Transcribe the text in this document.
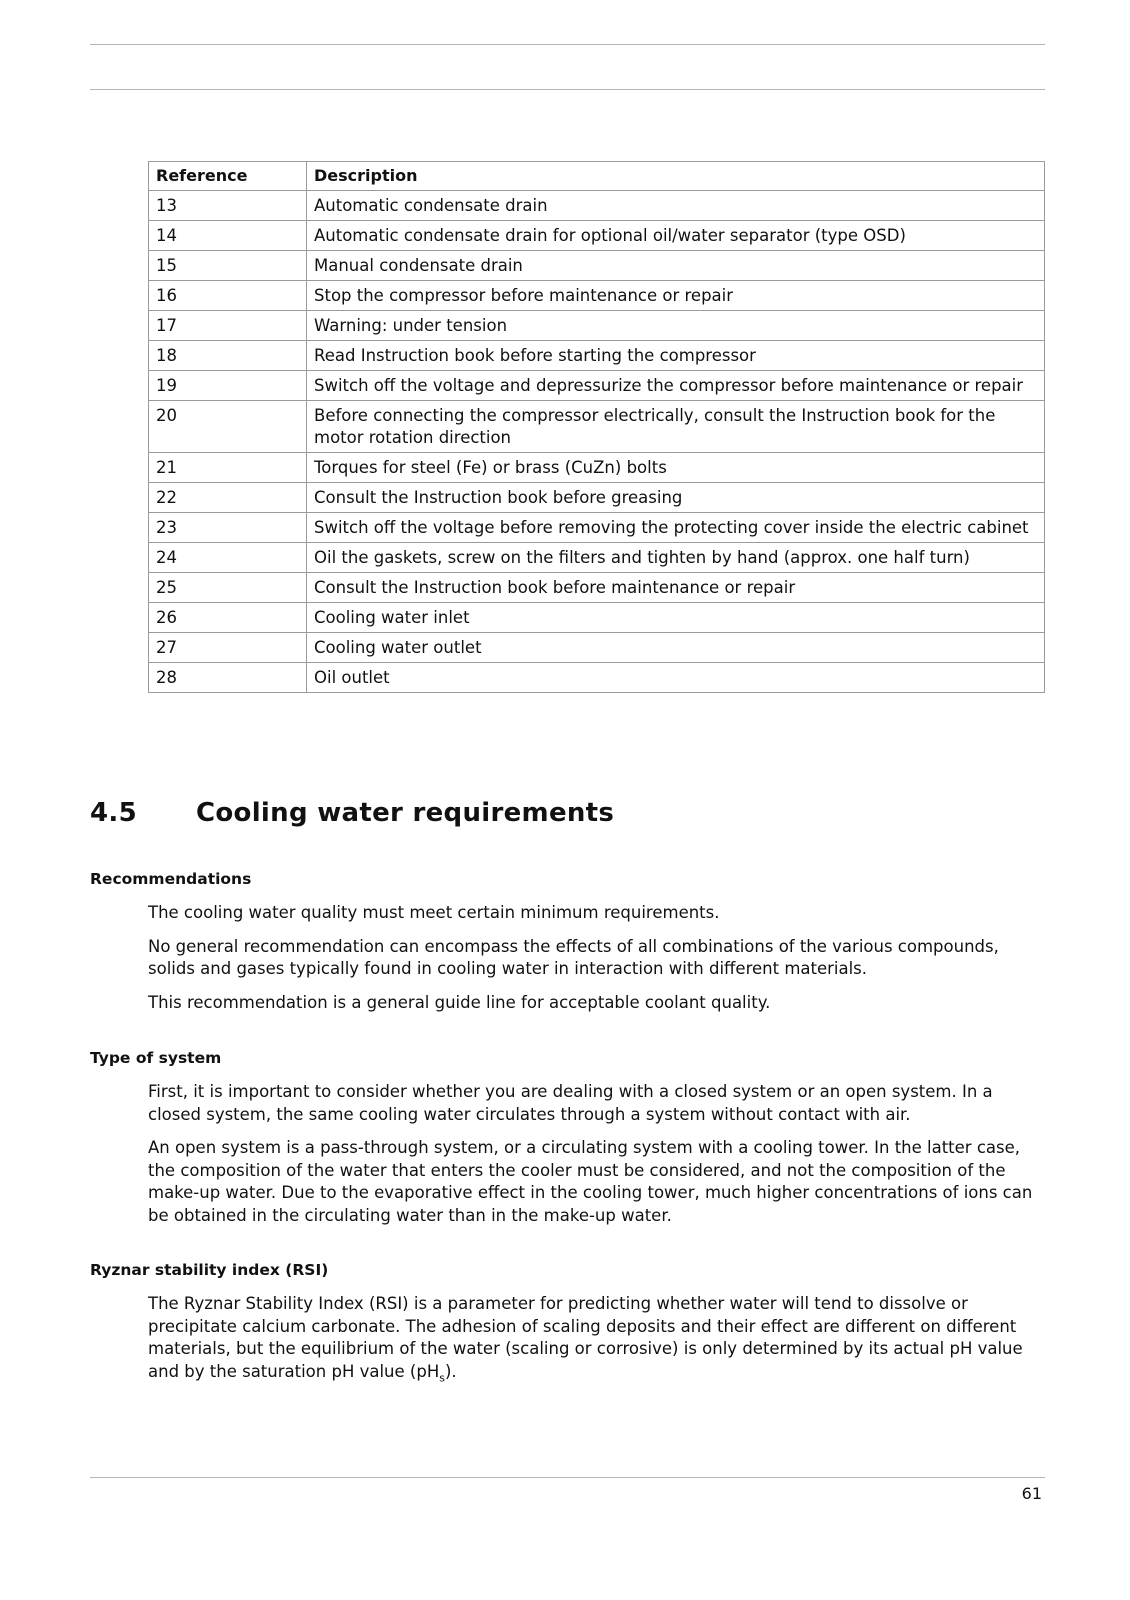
Reference	Description
13	Automatic condensate drain
14	Automatic condensate drain for optional oil/water separator (type OSD)
15	Manual condensate drain
16	Stop the compressor before maintenance or repair
17	Warning: under tension
18	Read Instruction book before starting the compressor
19	Switch off the voltage and depressurize the compressor before maintenance or repair
20	Before connecting the compressor electrically, consult the Instruction book for the motor rotation direction
21	Torques for steel (Fe) or brass (CuZn) bolts
22	Consult the Instruction book before greasing
23	Switch off the voltage before removing the protecting cover inside the electric cabinet
24	Oil the gaskets, screw on the filters and tighten by hand (approx. one half turn)
25	Consult the Instruction book before maintenance or repair
26	Cooling water inlet
27	Cooling water outlet
28	Oil outlet
4.5 Cooling water requirements
Recommendations

The cooling water quality must meet certain minimum requirements.

No general recommendation can encompass the effects of all combinations of the various compounds, solids and gases typically found in cooling water in interaction with different materials.

This recommendation is a general guide line for acceptable coolant quality.

Type of system

First, it is important to consider whether you are dealing with a closed system or an open system. In a closed system, the same cooling water circulates through a system without contact with air.

An open system is a pass-through system, or a circulating system with a cooling tower. In the latter case, the composition of the water that enters the cooler must be considered, and not the composition of the make-up water. Due to the evaporative effect in the cooling tower, much higher concentrations of ions can be obtained in the circulating water than in the make-up water.

Ryznar stability index (RSI)

The Ryznar Stability Index (RSI) is a parameter for predicting whether water will tend to dissolve or precipitate calcium carbonate. The adhesion of scaling deposits and their effect are different on different materials, but the equilibrium of the water (scaling or corrosive) is only determined by its actual pH value and by the saturation pH value $(pH_s)$.

61
